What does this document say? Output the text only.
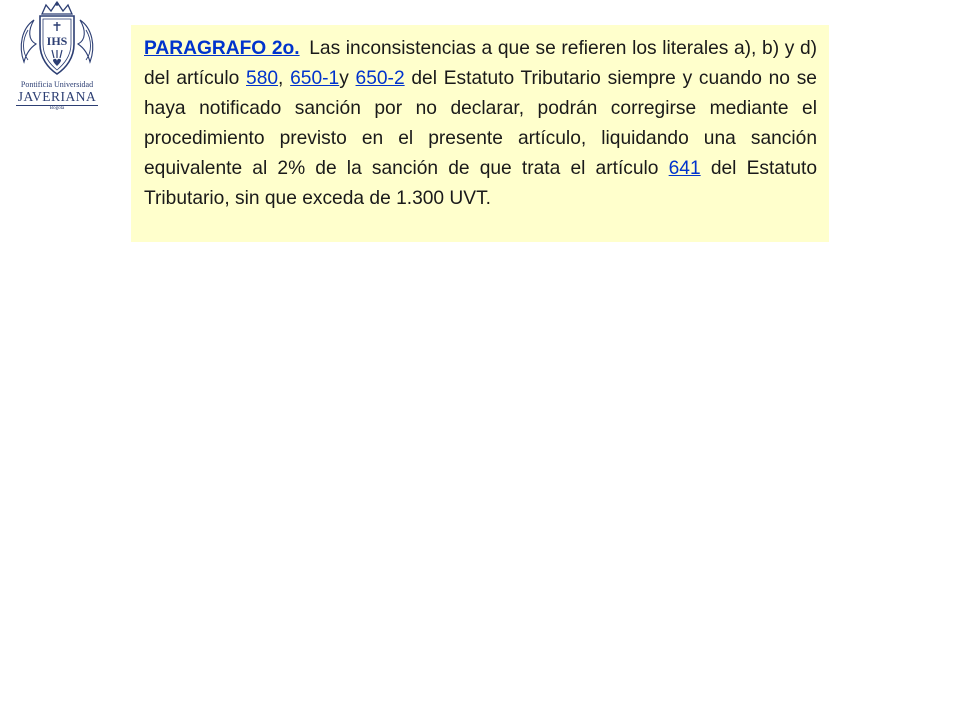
IHS
Pontificia Universidad
JAVERIANA
Bogotá

PARAGRAFO 2o. Las inconsistencias a que se refieren los literales a), b) y d) del artículo 580, 650-1y 650-2 del Estatuto Tributario siempre y cuando no se haya notificado sanción por no declarar, podrán corregirse mediante el procedimiento previsto en el presente artículo, liquidando una sanción equivalente al 2% de la sanción de que trata el artículo 641 del Estatuto Tributario, sin que exceda de 1.300 UVT.
